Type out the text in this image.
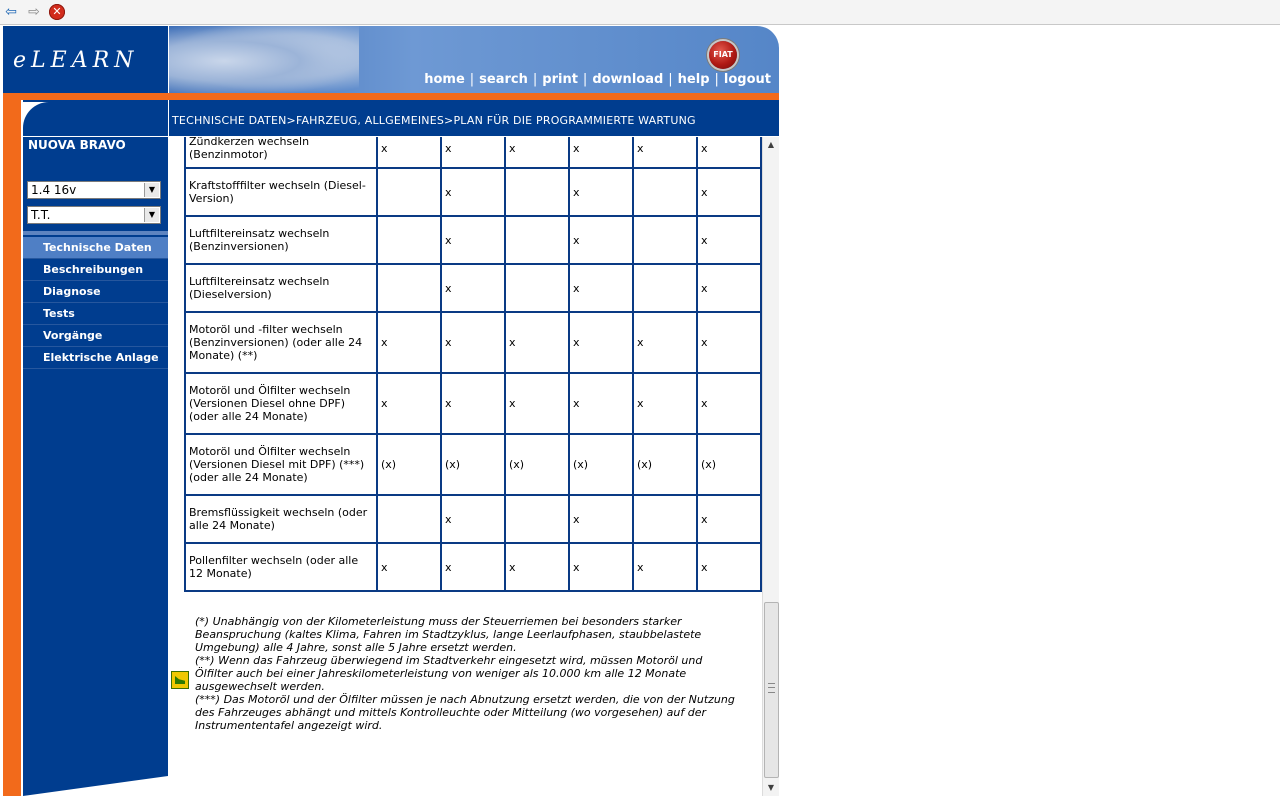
⇦ ⇨	✕
eLEARN	FIAT
home | search | print | download | help | logout
TECHNISCHE DATEN>FAHRZEUG, ALLGEMEINES>PLAN FÜR DIE PROGRAMMIERTE WARTUNG
NUOVA BRAVO
1.4 16v	▼
T.T.	▼
Technische Daten
Beschreibungen
Diagnose
Tests
Vorgänge
Elektrische Anlage
Zündkerzen wechseln (Benzinmotor)	x	x	x	x	x	x
Kraftstofffilter wechseln (Diesel-Version)		x		x		x
Luftfiltereinsatz wechseln (Benzinversionen)		x		x		x
Luftfiltereinsatz wechseln (Dieselversion)		x		x		x
Motoröl und -filter wechseln (Benzinversionen) (oder alle 24 Monate) (**)	x	x	x	x	x	x
Motoröl und Ölfilter wechseln (Versionen Diesel ohne DPF) (oder alle 24 Monate)	x	x	x	x	x	x
Motoröl und Ölfilter wechseln (Versionen Diesel mit DPF) (***) (oder alle 24 Monate)	(x)	(x)	(x)	(x)	(x)	(x)
Bremsflüssigkeit wechseln (oder alle 24 Monate)		x		x		x
Pollenfilter wechseln (oder alle 12 Monate)	x	x	x	x	x	x
(*) Unabhängig von der Kilometerleistung muss der Steuerriemen bei besonders starker Beanspruchung (kaltes Klima, Fahren im Stadtzyklus, lange Leerlaufphasen, staubbelastete Umgebung) alle 4 Jahre, sonst alle 5 Jahre ersetzt werden.
(**) Wenn das Fahrzeug überwiegend im Stadtverkehr eingesetzt wird, müssen Motoröl und Ölfilter auch bei einer Jahreskilometerleistung von weniger als 10.000 km alle 12 Monate ausgewechselt werden.
(***) Das Motoröl und der Ölfilter müssen je nach Abnutzung ersetzt werden, die von der Nutzung des Fahrzeuges abhängt und mittels Kontrolleuchte oder Mitteilung (wo vorgesehen) auf der Instrumententafel angezeigt wird.
▲
▼
